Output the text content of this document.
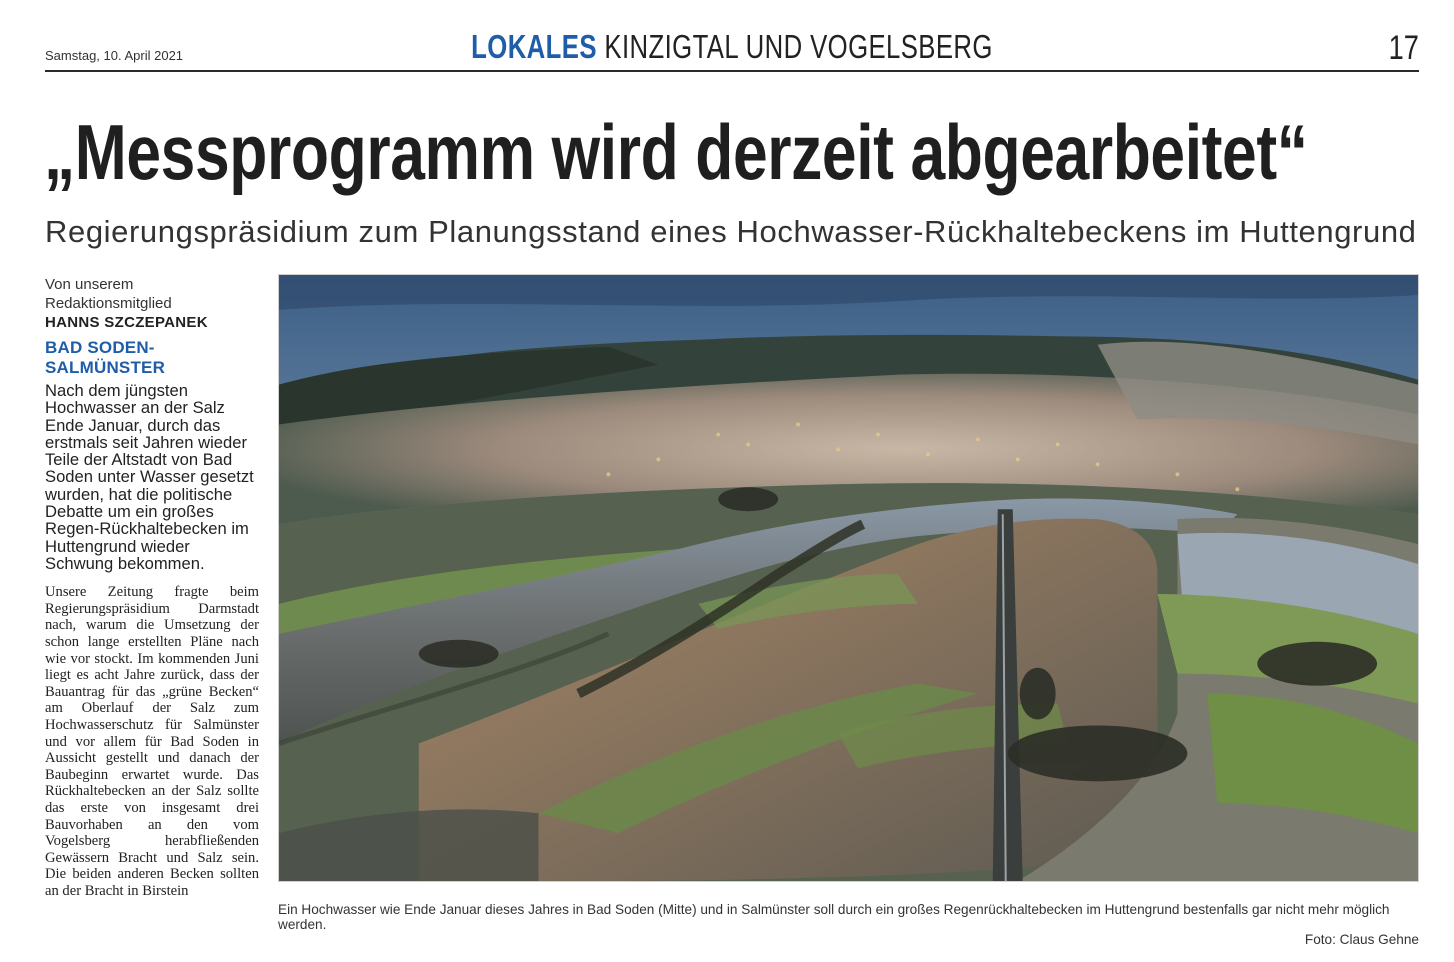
Samstag, 10. April 2021	LOKALES KINZIGTAL UND VOGELSBERG	17
„Messprogramm wird derzeit abgearbeitet“
Regierungspräsidium zum Planungsstand eines Hochwasser-Rückhaltebeckens im Huttengrund
Von unserem Redaktionsmitglied
HANNS SZCZEPANEK
BAD SODEN-SALMÜNSTER

Nach dem jüngsten Hochwasser an der Salz Ende Januar, durch das erstmals seit Jahren wieder Teile der Altstadt von Bad Soden unter Wasser gesetzt wurden, hat die politische Debatte um ein großes Regen-Rückhaltebecken im Huttengrund wieder Schwung bekommen.

Unsere Zeitung fragte beim Regierungspräsidium Darmstadt nach, warum die Umsetzung der schon lange erstellten Pläne nach wie vor stockt. Im kommenden Juni liegt es acht Jahre zurück, dass der Bauantrag für das „grüne Becken“ am Oberlauf der Salz zum Hochwasserschutz für Salmünster und vor allem für Bad Soden in Aussicht gestellt und danach der Baubeginn erwartet wurde. Das Rückhaltebecken an der Salz sollte das erste von insgesamt drei Bauvorhaben an den vom Vogelsberg herabfließenden Gewässern Bracht und Salz sein. Die beiden anderen Becken sollten an der Bracht in Birstein

Ein Hochwasser wie Ende Januar dieses Jahres in Bad Soden (Mitte) und in Salmünster soll durch ein großes Regenrückhaltebecken im Huttengrund bestenfalls gar nicht mehr möglich werden.
Foto: Claus Gehne
